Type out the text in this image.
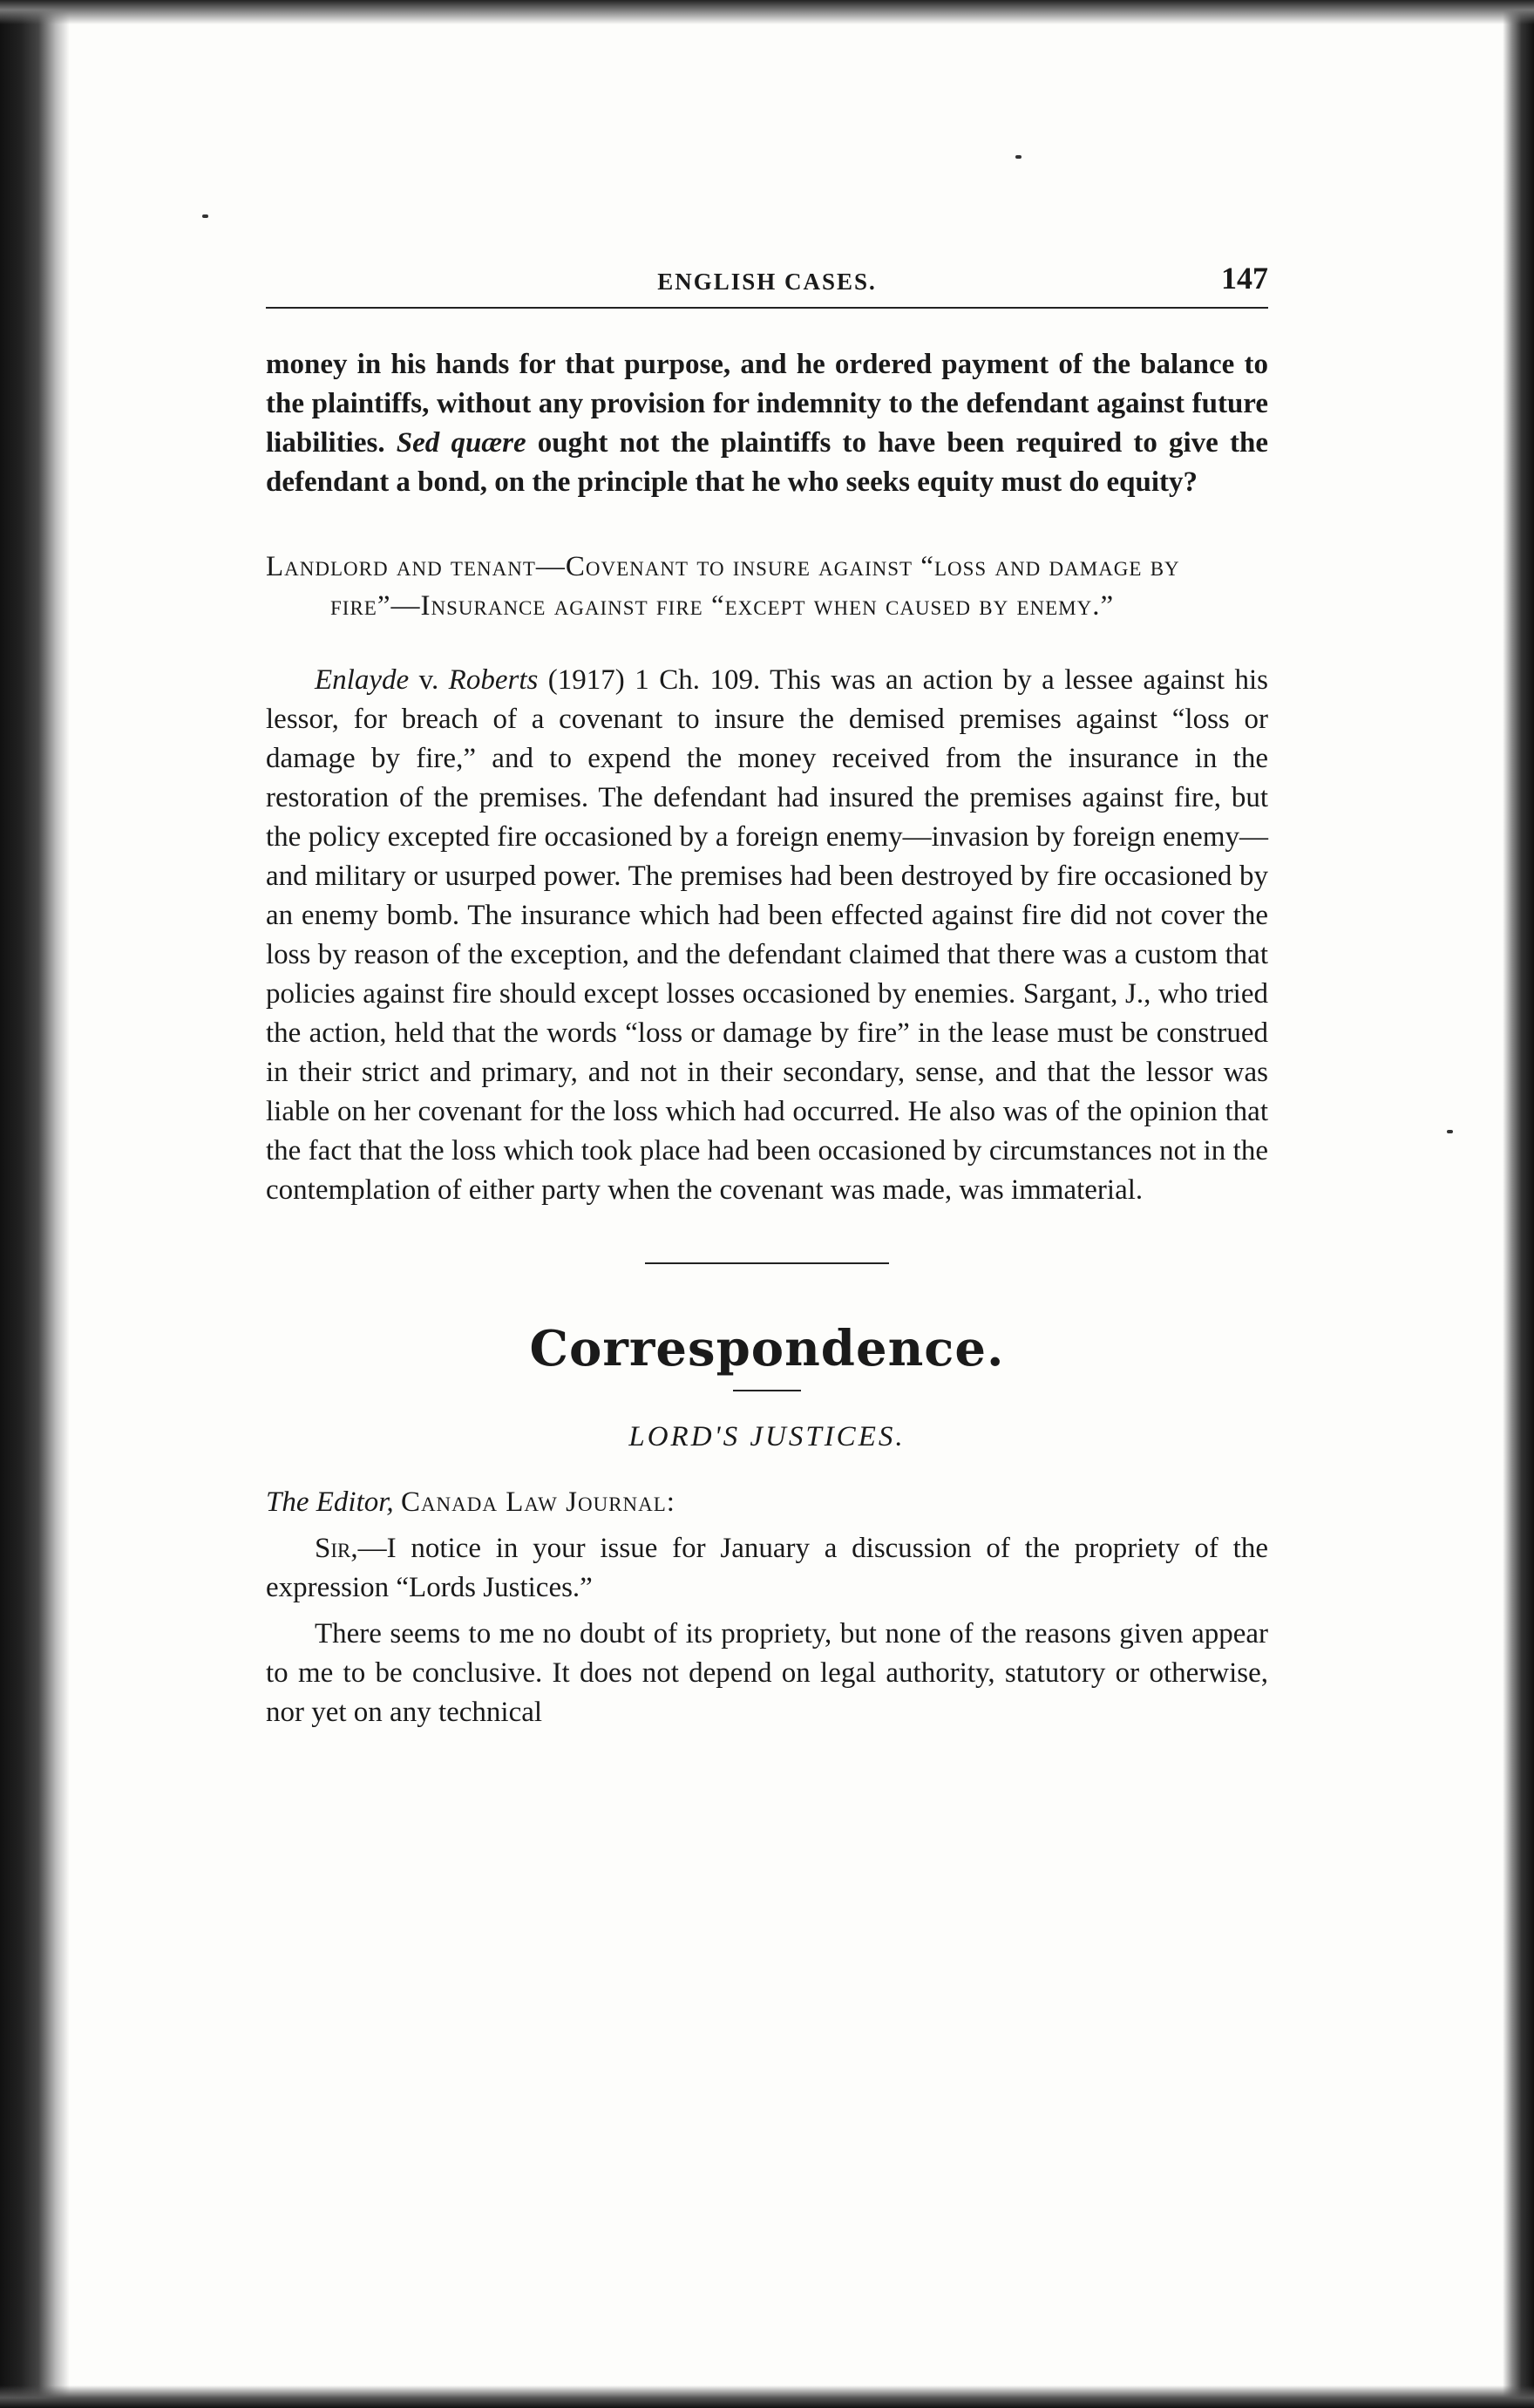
ENGLISH CASES.	147

money in his hands for that purpose, and he ordered payment of the balance to the plaintiffs, without any provision for indemnity to the defendant against future liabilities. Sed quære ought not the plaintiffs to have been required to give the defendant a bond, on the principle that he who seeks equity must do equity?

Landlord and tenant—Covenant to insure against “loss and damage by fire”—Insurance against fire “except when caused by enemy.”

Enlayde v. Roberts (1917) 1 Ch. 109. This was an action by a lessee against his lessor, for breach of a covenant to insure the demised premises against “loss or damage by fire,” and to expend the money received from the insurance in the restoration of the premises. The defendant had insured the premises against fire, but the policy excepted fire occasioned by a foreign enemy—invasion by foreign enemy—and military or usurped power. The premises had been destroyed by fire occasioned by an enemy bomb. The insurance which had been effected against fire did not cover the loss by reason of the exception, and the defendant claimed that there was a custom that policies against fire should except losses occasioned by enemies. Sargant, J., who tried the action, held that the words “loss or damage by fire” in the lease must be construed in their strict and primary, and not in their secondary, sense, and that the lessor was liable on her covenant for the loss which had occurred. He also was of the opinion that the fact that the loss which took place had been occasioned by circumstances not in the contemplation of either party when the covenant was made, was immaterial.

Correspondence.
LORD'S JUSTICES.
The Editor, Canada Law Journal:

Sir,—I notice in your issue for January a discussion of the propriety of the expression “Lords Justices.”

There seems to me no doubt of its propriety, but none of the reasons given appear to me to be conclusive. It does not depend on legal authority, statutory or otherwise, nor yet on any technical
